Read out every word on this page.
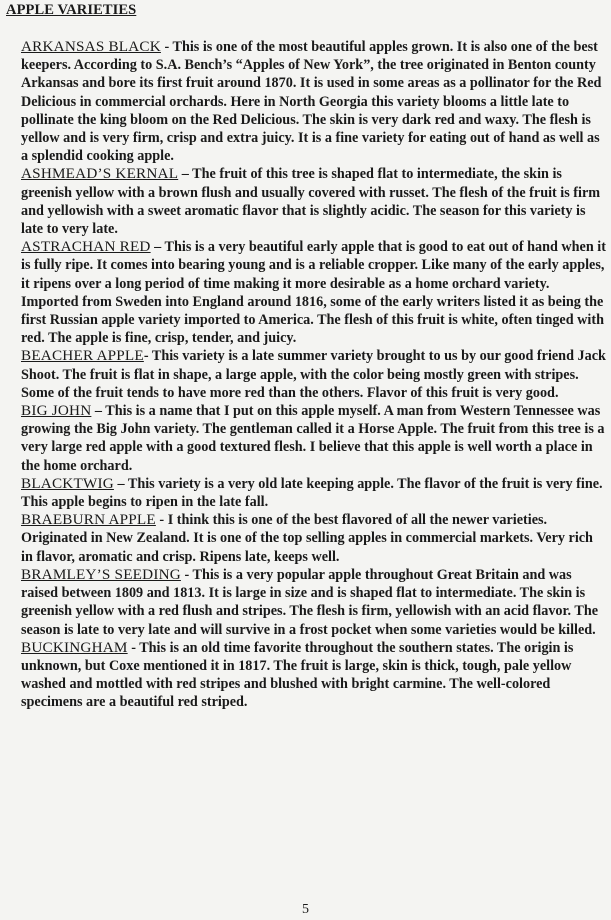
APPLE VARIETIES

ARKANSAS BLACK - This is one of the most beautiful apples grown. It is also one of the best keepers. According to S.A. Bench’s “Apples of New York”, the tree originated in Benton county Arkansas and bore its first fruit around 1870. It is used in some areas as a pollinator for the Red Delicious in commercial orchards. Here in North Georgia this variety blooms a little late to pollinate the king bloom on the Red Delicious. The skin is very dark red and waxy. The flesh is yellow and is very firm, crisp and extra juicy. It is a fine variety for eating out of hand as well as a splendid cooking apple.

ASHMEAD’S KERNAL – The fruit of this tree is shaped flat to intermediate, the skin is greenish yellow with a brown flush and usually covered with russet. The flesh of the fruit is firm and yellowish with a sweet aromatic flavor that is slightly acidic. The season for this variety is late to very late.

ASTRACHAN RED – This is a very beautiful early apple that is good to eat out of hand when it is fully ripe. It comes into bearing young and is a reliable cropper. Like many of the early apples, it ripens over a long period of time making it more desirable as a home orchard variety. Imported from Sweden into England around 1816, some of the early writers listed it as being the first Russian apple variety imported to America. The flesh of this fruit is white, often tinged with red. The apple is fine, crisp, tender, and juicy.

BEACHER APPLE- This variety is a late summer variety brought to us by our good friend Jack Shoot. The fruit is flat in shape, a large apple, with the color being mostly green with stripes. Some of the fruit tends to have more red than the others. Flavor of this fruit is very good.

BIG JOHN – This is a name that I put on this apple myself. A man from Western Tennessee was growing the Big John variety. The gentleman called it a Horse Apple. The fruit from this tree is a very large red apple with a good textured flesh. I believe that this apple is well worth a place in the home orchard.

BLACKTWIG – This variety is a very old late keeping apple. The flavor of the fruit is very fine. This apple begins to ripen in the late fall.

BRAEBURN APPLE - I think this is one of the best flavored of all the newer varieties. Originated in New Zealand. It is one of the top selling apples in commercial markets. Very rich in flavor, aromatic and crisp. Ripens late, keeps well.

BRAMLEY’S SEEDING - This is a very popular apple throughout Great Britain and was raised between 1809 and 1813. It is large in size and is shaped flat to intermediate. The skin is greenish yellow with a red flush and stripes. The flesh is firm, yellowish with an acid flavor. The season is late to very late and will survive in a frost pocket when some varieties would be killed.

BUCKINGHAM - This is an old time favorite throughout the southern states. The origin is unknown, but Coxe mentioned it in 1817. The fruit is large, skin is thick, tough, pale yellow washed and mottled with red stripes and blushed with bright carmine. The well-colored specimens are a beautiful red striped.

5
